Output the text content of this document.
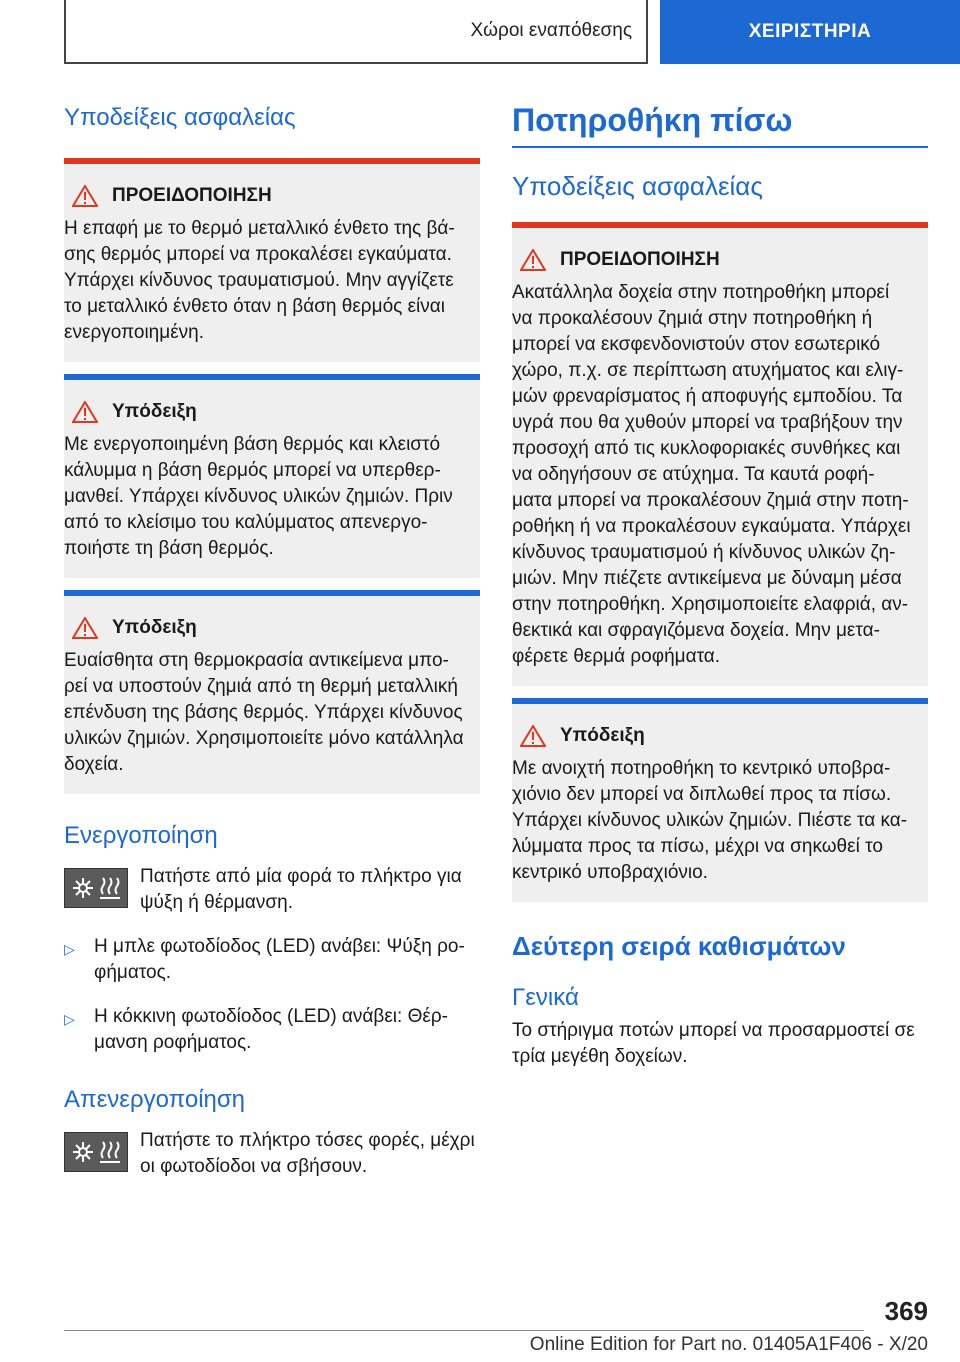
Χώροι εναπόθεσης	ΧΕΙΡΙΣΤΗΡΙΑ
Υποδείξεις ασφαλείας
ΠΡΟΕΙΔΟΠΟΙΗΣΗ

Η επαφή με το θερμό μεταλλικό ένθετο της βά-
σης θερμός μπορεί να προκαλέσει εγκαύματα.
Υπάρχει κίνδυνος τραυματισμού. Μην αγγίζετε
το μεταλλικό ένθετο όταν η βάση θερμός είναι
ενεργοποιημένη.

Υπόδειξη

Με ενεργοποιημένη βάση θερμός και κλειστό
κάλυμμα η βάση θερμός μπορεί να υπερθερ-
μανθεί. Υπάρχει κίνδυνος υλικών ζημιών. Πριν
από το κλείσιμο του καλύμματος απενεργο-
ποιήστε τη βάση θερμός.

Υπόδειξη

Ευαίσθητα στη θερμοκρασία αντικείμενα μπο-
ρεί να υποστούν ζημιά από τη θερμή μεταλλική
επένδυση της βάσης θερμός. Υπάρχει κίνδυνος
υλικών ζημιών. Χρησιμοποιείτε μόνο κατάλληλα
δοχεία.

Ενεργοποίηση

Πατήστε από μία φορά το πλήκτρο για
ψύξη ή θέρμανση.

▷	Η μπλε φωτοδίοδος (LED) ανάβει: Ψύξη ρο-
φήματος.
▷	Η κόκκινη φωτοδίοδος (LED) ανάβει: Θέρ-
μανση ροφήματος.
Απενεργοποίηση

Πατήστε το πλήκτρο τόσες φορές, μέχρι
οι φωτοδίοδοι να σβήσουν.

Ποτηροθήκη πίσω
Υποδείξεις ασφαλείας
ΠΡΟΕΙΔΟΠΟΙΗΣΗ

Ακατάλληλα δοχεία στην ποτηροθήκη μπορεί
να προκαλέσουν ζημιά στην ποτηροθήκη ή
μπορεί να εκσφενδονιστούν στον εσωτερικό
χώρο, π.χ. σε περίπτωση ατυχήματος και ελιγ-
μών φρεναρίσματος ή αποφυγής εμποδίου. Τα
υγρά που θα χυθούν μπορεί να τραβήξουν την
προσοχή από τις κυκλοφοριακές συνθήκες και
να οδηγήσουν σε ατύχημα. Τα καυτά ροφή-
ματα μπορεί να προκαλέσουν ζημιά στην ποτη-
ροθήκη ή να προκαλέσουν εγκαύματα. Υπάρχει
κίνδυνος τραυματισμού ή κίνδυνος υλικών ζη-
μιών. Μην πιέζετε αντικείμενα με δύναμη μέσα
στην ποτηροθήκη. Χρησιμοποιείτε ελαφριά, αν-
θεκτικά και σφραγιζόμενα δοχεία. Μην μετα-
φέρετε θερμά ροφήματα.

Υπόδειξη

Με ανοιχτή ποτηροθήκη το κεντρικό υποβρα-
χιόνιο δεν μπορεί να διπλωθεί προς τα πίσω.
Υπάρχει κίνδυνος υλικών ζημιών. Πιέστε τα κα-
λύμματα προς τα πίσω, μέχρι να σηκωθεί το
κεντρικό υποβραχιόνιο.

Δεύτερη σειρά καθισμάτων
Γενικά

Το στήριγμα ποτών μπορεί να προσαρμοστεί σε
τρία μεγέθη δοχείων.

369
Online Edition for Part no. 01405A1F406 - X/20
